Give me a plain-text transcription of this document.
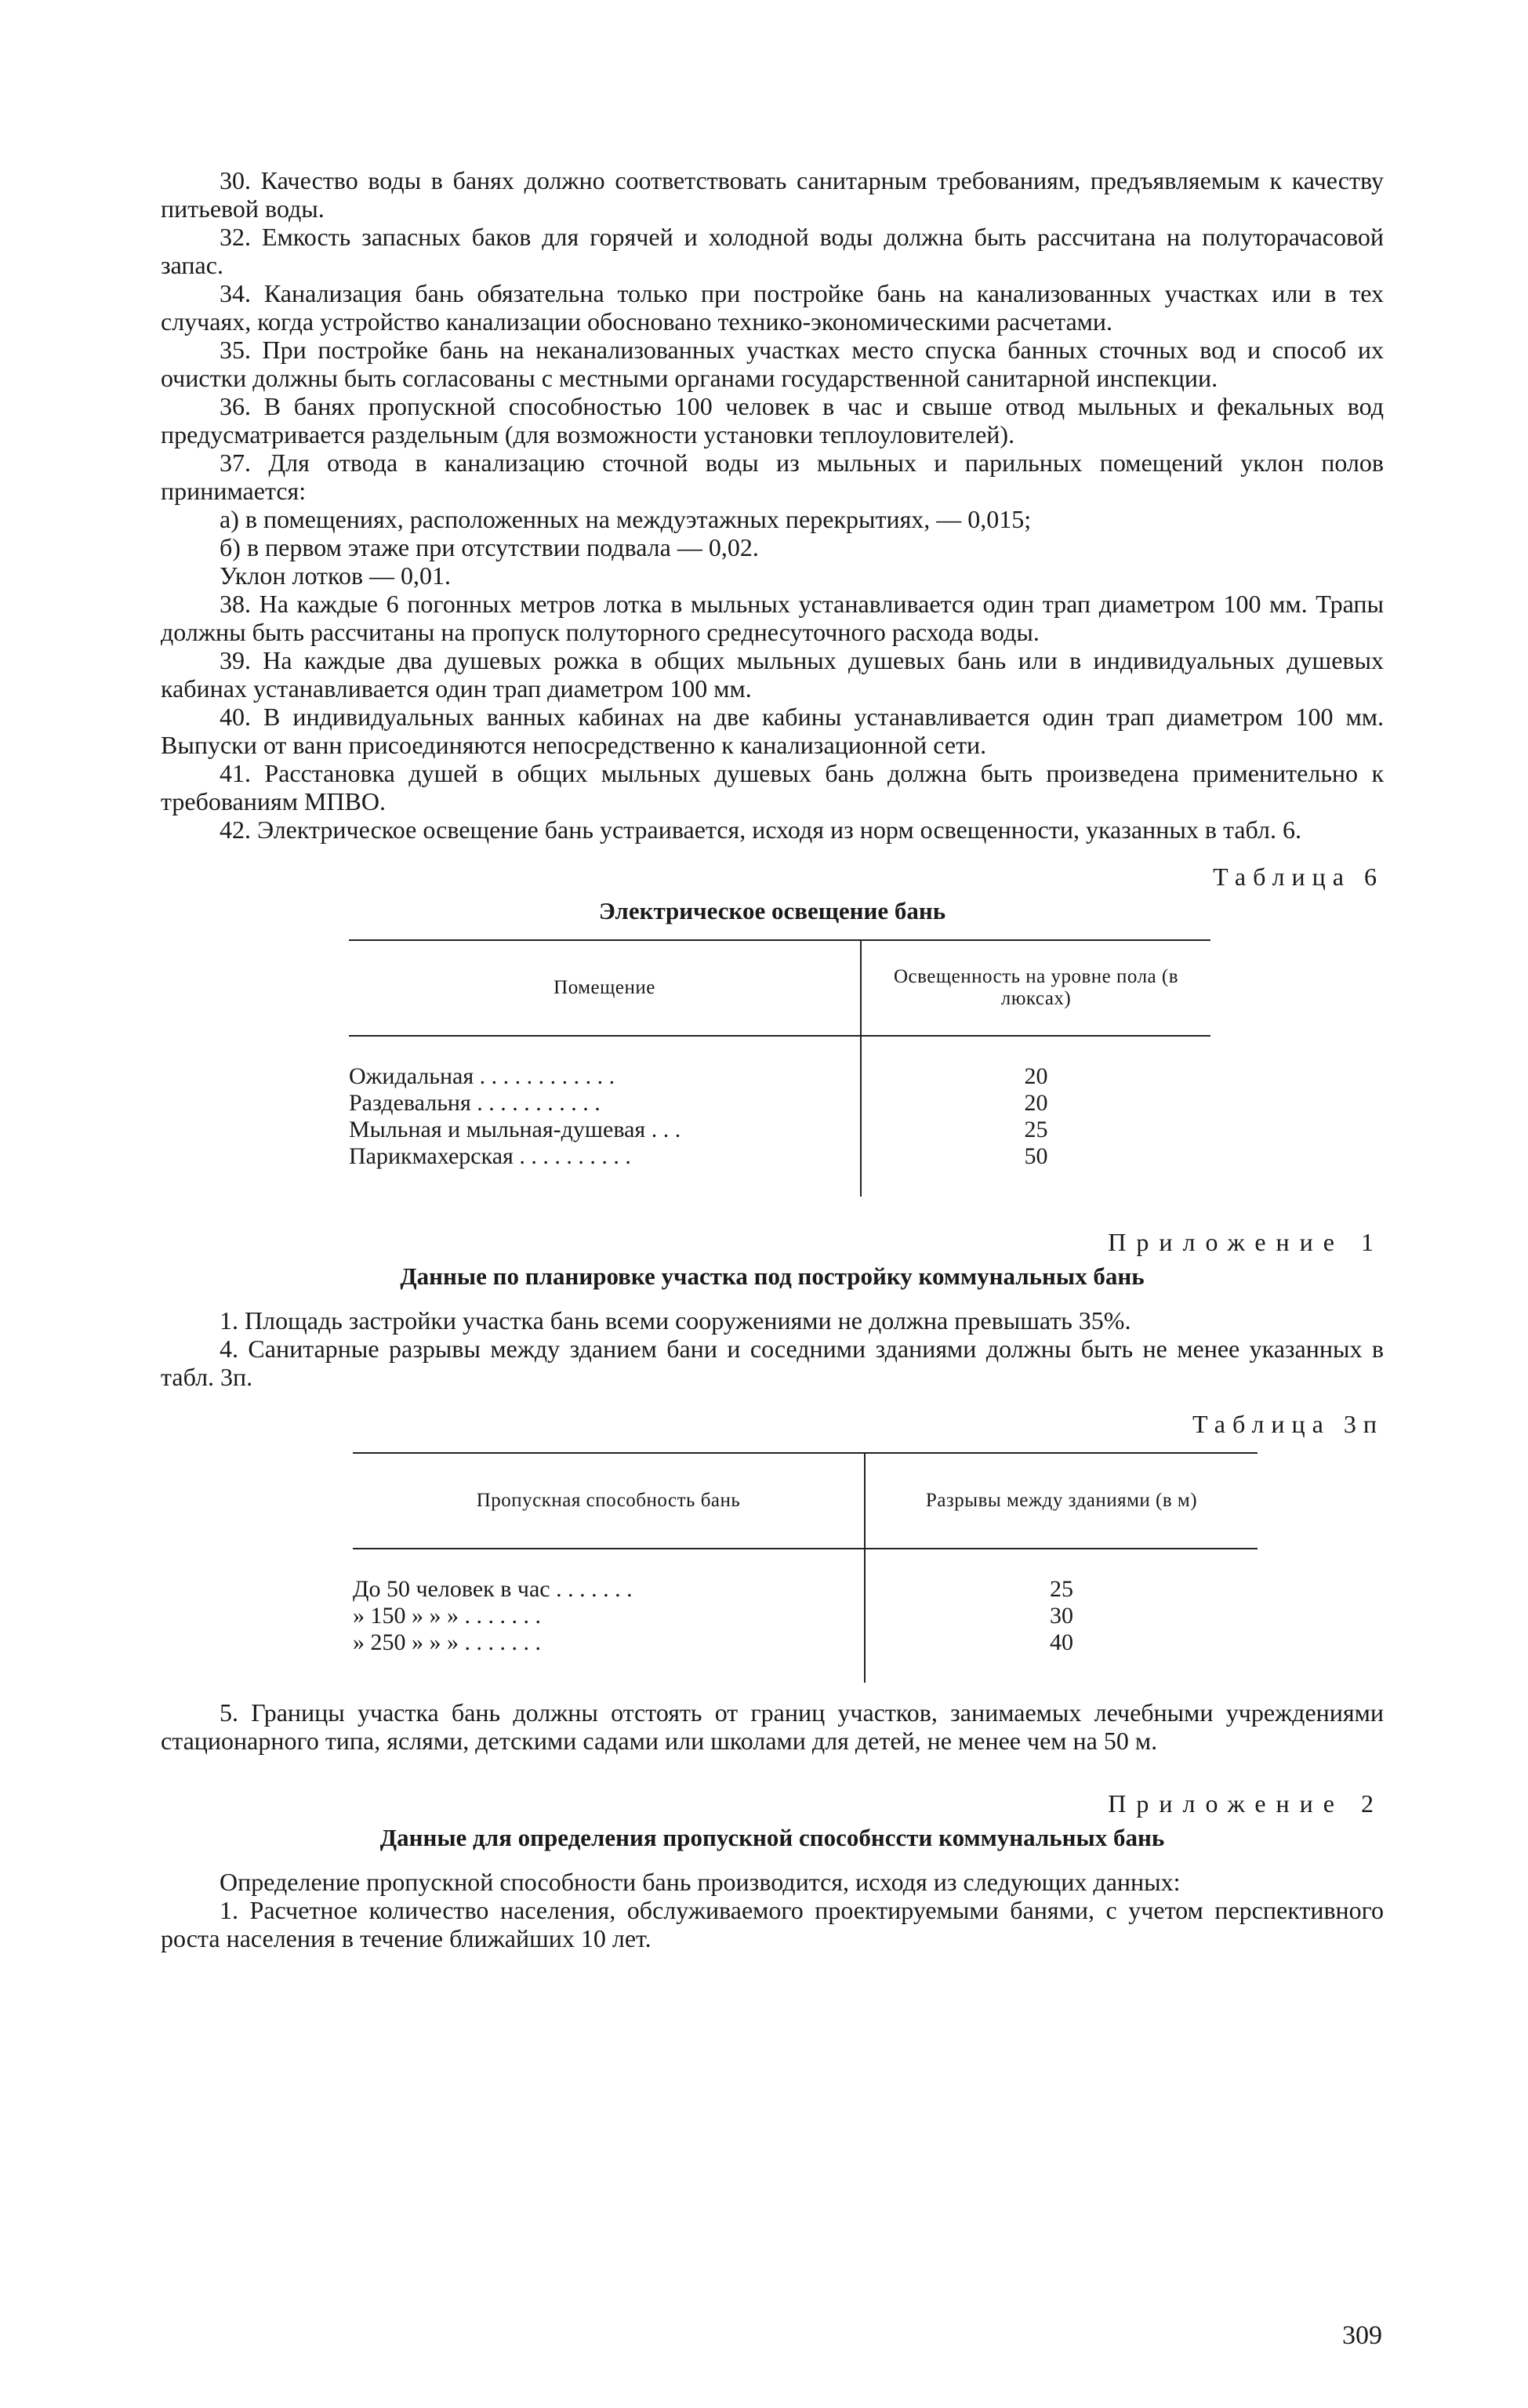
30. Качество воды в банях должно соответствовать санитарным требованиям, предъявляемым к качеству питьевой воды.

32. Емкость запасных баков для горячей и холодной воды должна быть рассчитана на полуторачасовой запас.

34. Канализация бань обязательна только при постройке бань на канализованных участках или в тех случаях, когда устройство канализации обосновано технико-экономическими расчетами.

35. При постройке бань на неканализованных участках место спуска банных сточных вод и способ их очистки должны быть согласованы с местными органами государственной санитарной инспекции.

36. В банях пропускной способностью 100 человек в час и свыше отвод мыльных и фекальных вод предусматривается раздельным (для возможности установки теплоуловителей).

37. Для отвода в канализацию сточной воды из мыльных и парильных помещений уклон полов принимается:

а) в помещениях, расположенных на междуэтажных перекрытиях, — 0,015;

б) в первом этаже при отсутствии подвала — 0,02.

Уклон лотков — 0,01.

38. На каждые 6 погонных метров лотка в мыльных устанавливается один трап диаметром 100 мм. Трапы должны быть рассчитаны на пропуск полуторного среднесуточного расхода воды.

39. На каждые два душевых рожка в общих мыльных душевых бань или в индивидуальных душевых кабинах устанавливается один трап диаметром 100 мм.

40. В индивидуальных ванных кабинах на две кабины устанавливается один трап диаметром 100 мм. Выпуски от ванн присоединяются непосредственно к канализационной сети.

41. Расстановка душей в общих мыльных душевых бань должна быть произведена применительно к требованиям МПВО.

42. Электрическое освещение бань устраивается, исходя из норм освещенности, указанных в табл. 6.

Таблица 6
Электрическое освещение бань
Помещение	Освещенность на уровне пола (в люксах)
Ожидальная . . . . . . . . . . . .	20
Раздевальня . . . . . . . . . . .	20
Мыльная и мыльная-душевая . . .	25
Парикмахерская . . . . . . . . . .	50
Приложение 1
Данные по планировке участка под постройку коммунальных бань

1. Площадь застройки участка бань всеми сооружениями не должна превышать 35%.

4. Санитарные разрывы между зданием бани и соседними зданиями должны быть не менее указанных в табл. 3п.

Таблица 3п
Пропускная способность бань	Разрывы между зданиями (в м)
До 50 человек в час . . . . . . .	25
» 150 » » » . . . . . . .	30
» 250 » » » . . . . . . .	40

5. Границы участка бань должны отстоять от границ участков, занимаемых лечебными учреждениями стационарного типа, яслями, детскими садами или школами для детей, не менее чем на 50 м.

Приложение 2
Данные для определения пропускной способнсcти коммунальных бань

Определение пропускной способности бань производится, исходя из следующих данных:

1. Расчетное количество населения, обслуживаемого проектируемыми банями, с учетом перспективного роста населения в течение ближайших 10 лет.

309
